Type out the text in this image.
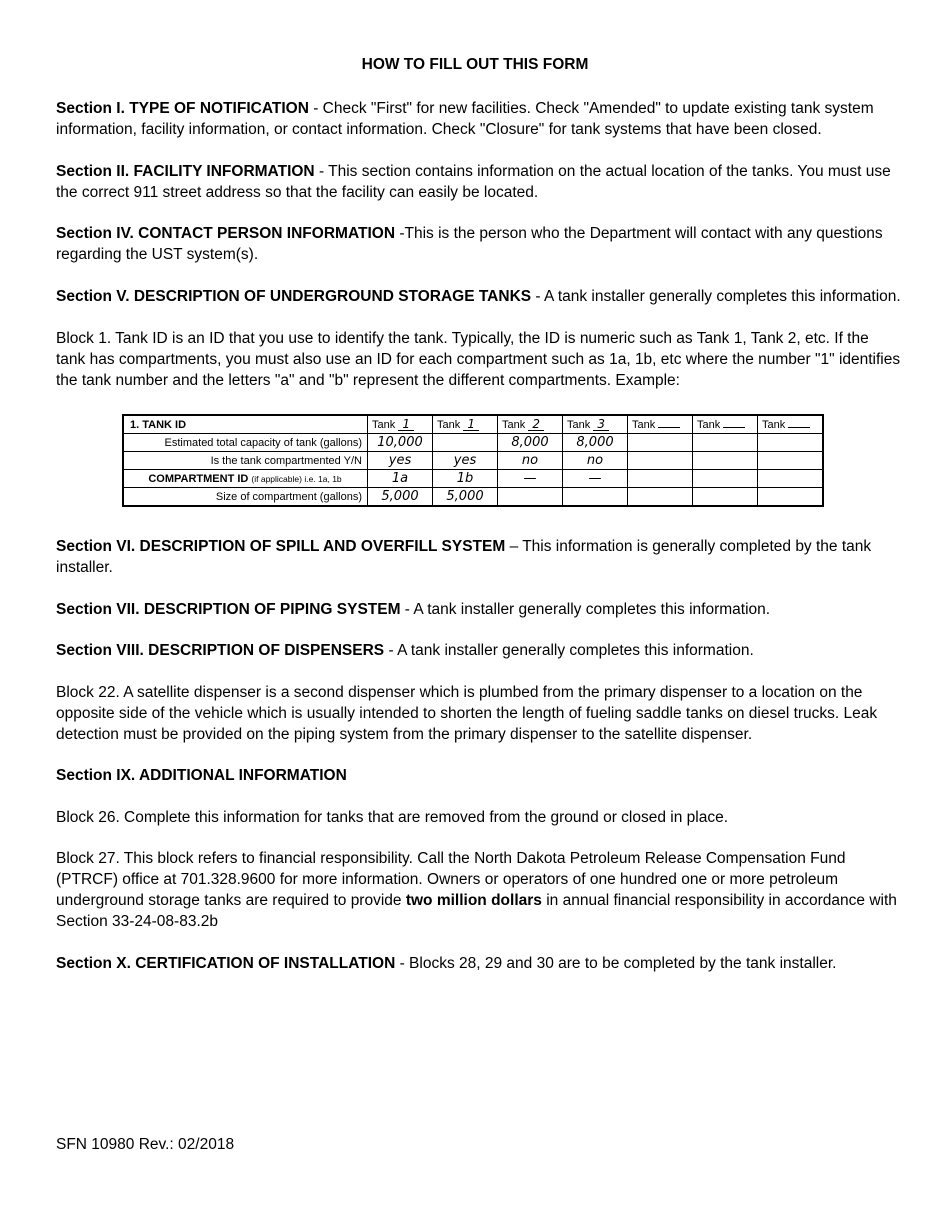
HOW TO FILL OUT THIS FORM
Section I. TYPE OF NOTIFICATION - Check "First" for new facilities. Check "Amended" to update existing tank system information, facility information, or contact information. Check "Closure" for tank systems that have been closed.
Section II. FACILITY INFORMATION - This section contains information on the actual location of the tanks. You must use the correct 911 street address so that the facility can easily be located.
Section IV. CONTACT PERSON INFORMATION -This is the person who the Department will contact with any questions regarding the UST system(s).
Section V. DESCRIPTION OF UNDERGROUND STORAGE TANKS - A tank installer generally completes this information.
Block 1. Tank ID is an ID that you use to identify the tank. Typically, the ID is numeric such as Tank 1, Tank 2, etc. If the tank has compartments, you must also use an ID for each compartment such as 1a, 1b, etc where the number "1" identifies the tank number and the letters "a" and "b" represent the different compartments. Example:
1. TANK ID	Tank 1	Tank 1	Tank 2	Tank 3	Tank	Tank	Tank
Estimated total capacity of tank (gallons)	10,000		8,000	8,000			
Is the tank compartmented Y/N	yes	yes	no	no			
COMPARTMENT ID (if applicable) i.e. 1a, 1b	1a	1b	—	—			
Size of compartment (gallons)	5,000	5,000					
Section VI. DESCRIPTION OF SPILL AND OVERFILL SYSTEM – This information is generally completed by the tank installer.
Section VII. DESCRIPTION OF PIPING SYSTEM - A tank installer generally completes this information.
Section VIII. DESCRIPTION OF DISPENSERS - A tank installer generally completes this information.
Block 22. A satellite dispenser is a second dispenser which is plumbed from the primary dispenser to a location on the opposite side of the vehicle which is usually intended to shorten the length of fueling saddle tanks on diesel trucks. Leak detection must be provided on the piping system from the primary dispenser to the satellite dispenser.
Section IX. ADDITIONAL INFORMATION
Block 26. Complete this information for tanks that are removed from the ground or closed in place.
Block 27. This block refers to financial responsibility. Call the North Dakota Petroleum Release Compensation Fund (PTRCF) office at 701.328.9600 for more information. Owners or operators of one hundred one or more petroleum underground storage tanks are required to provide two million dollars in annual financial responsibility in accordance with Section 33-24-08-83.2b
Section X. CERTIFICATION OF INSTALLATION - Blocks 28, 29 and 30 are to be completed by the tank installer.
SFN 10980 Rev.: 02/2018
